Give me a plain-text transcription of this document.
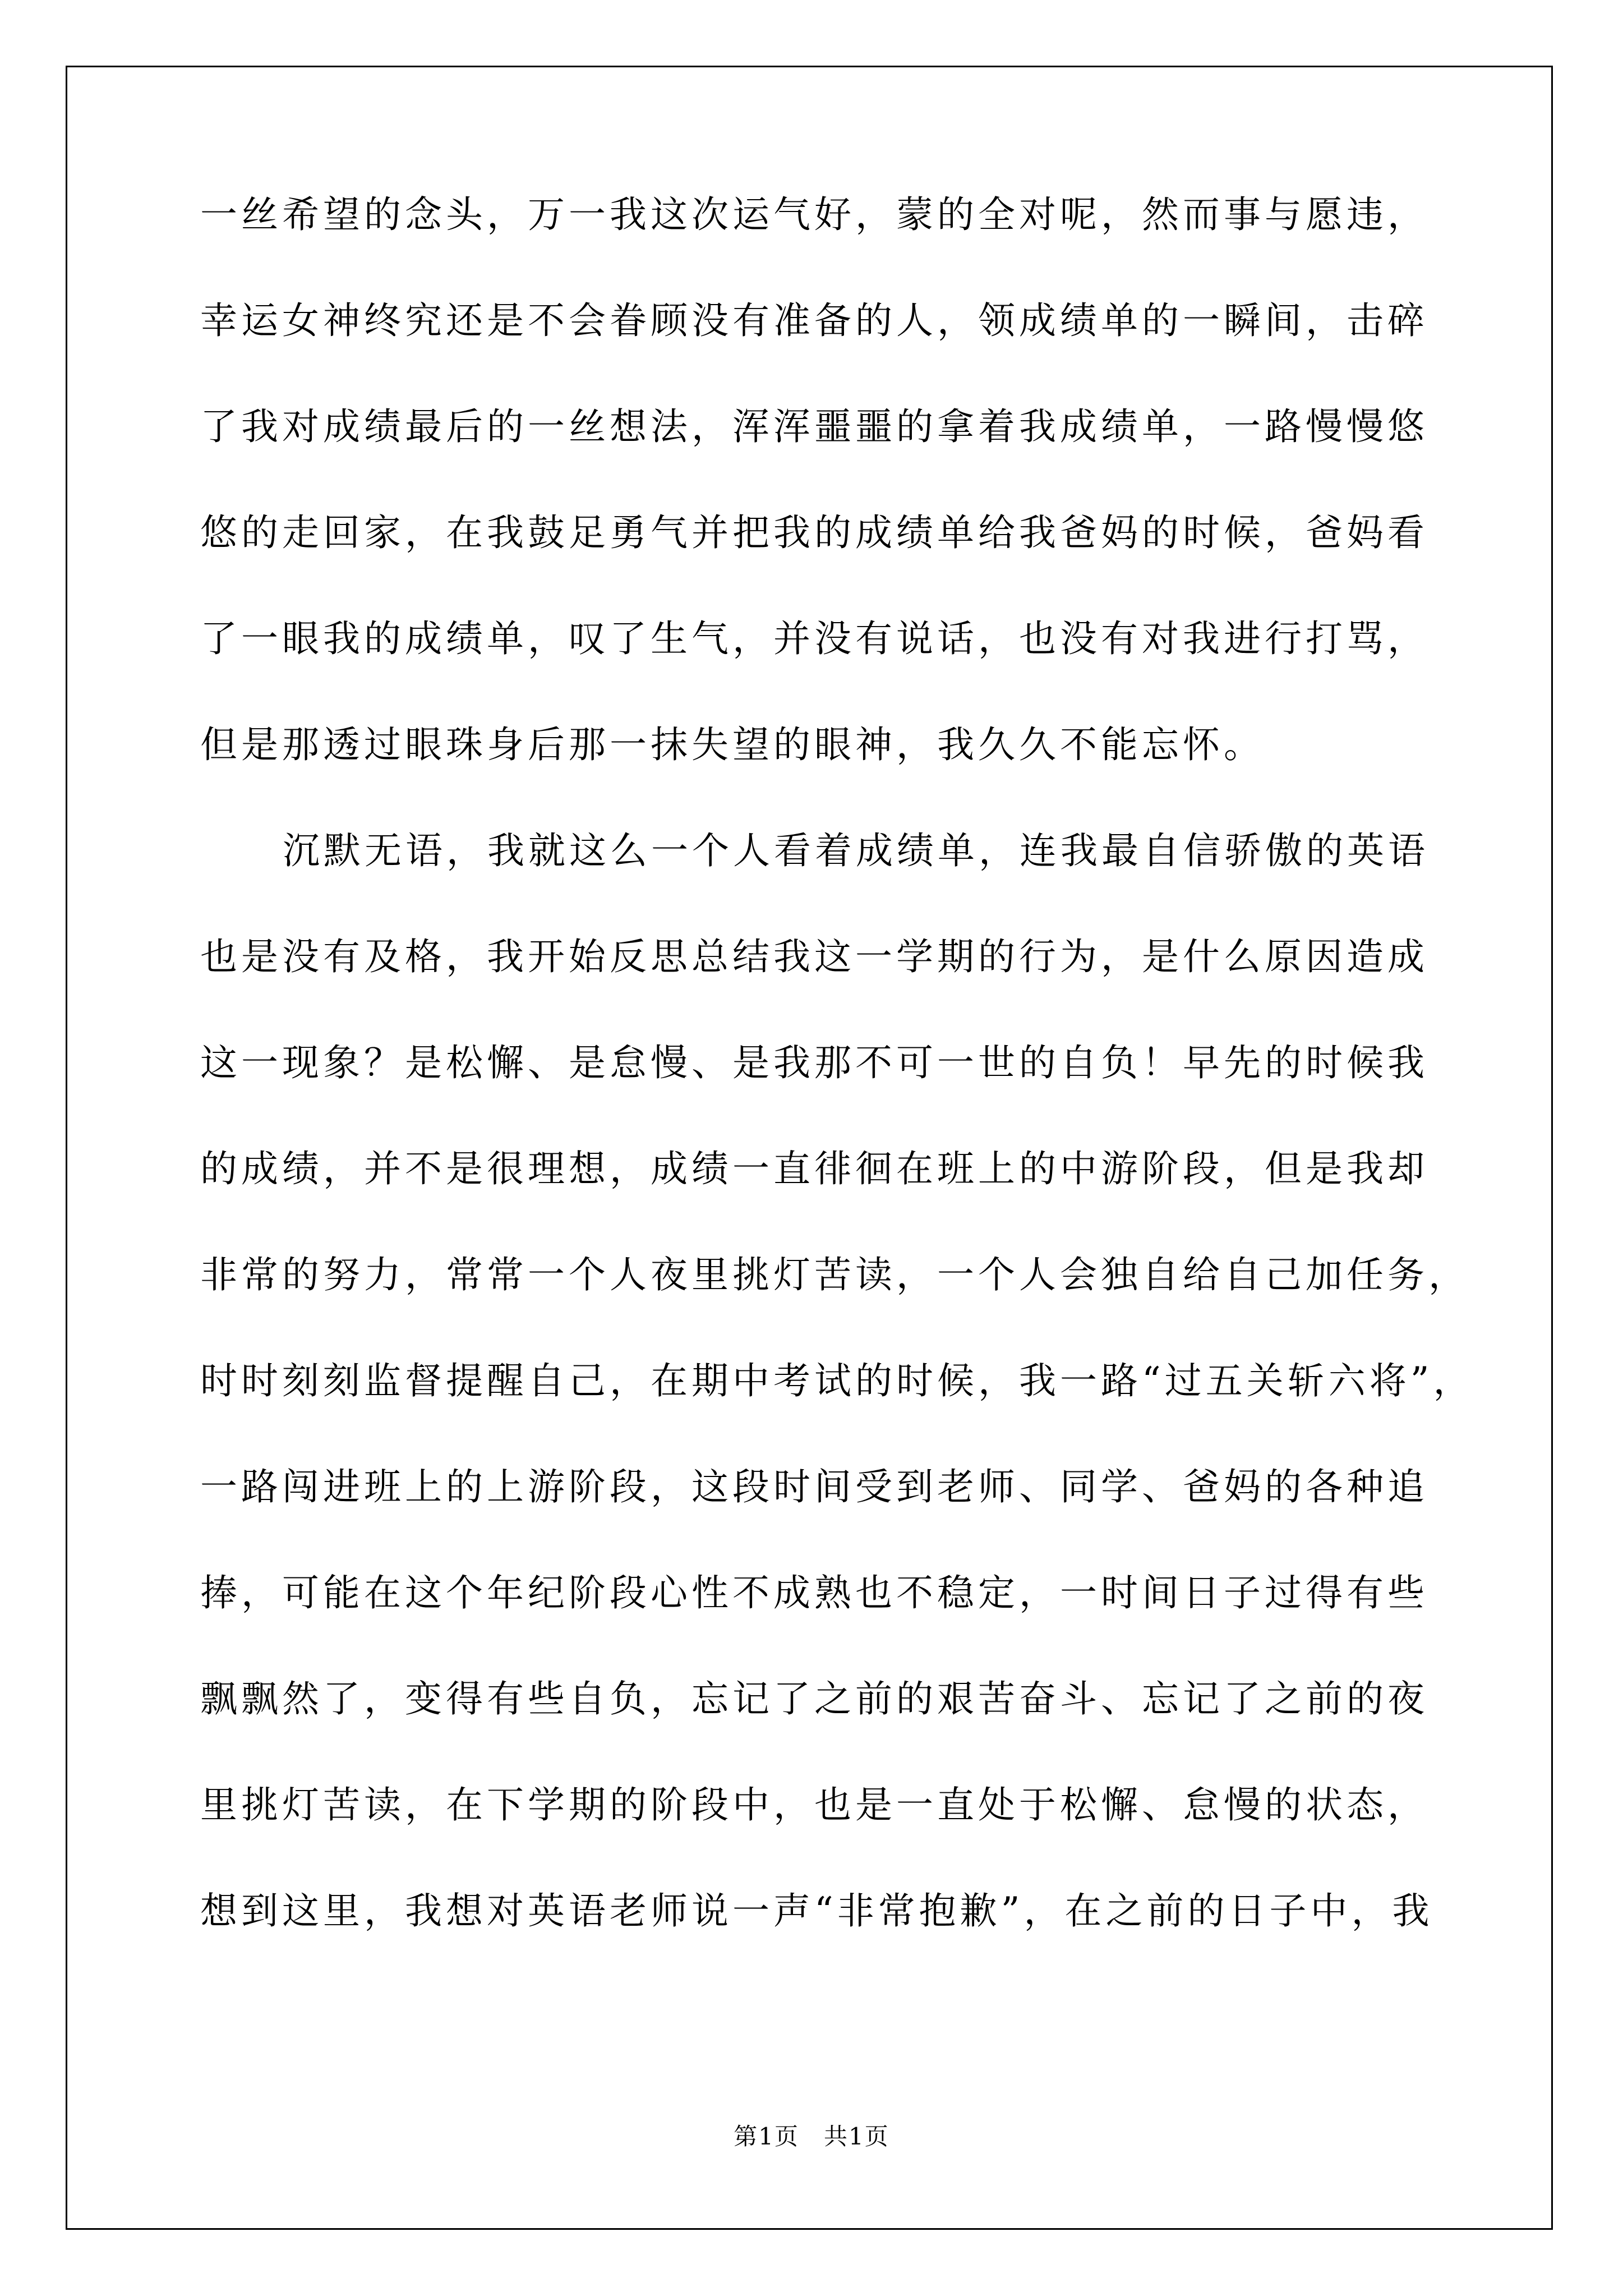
一丝希望的念头，万一我这次运气好，蒙的全对呢，然而事与愿违，
幸运女神终究还是不会眷顾没有准备的人，领成绩单的一瞬间，击碎
了我对成绩最后的一丝想法，浑浑噩噩的拿着我成绩单，一路慢慢悠
悠的走回家，在我鼓足勇气并把我的成绩单给我爸妈的时候，爸妈看
了一眼我的成绩单，叹了生气，并没有说话，也没有对我进行打骂，
但是那透过眼珠身后那一抹失望的眼神，我久久不能忘怀。
沉默无语，我就这么一个人看着成绩单，连我最自信骄傲的英语
也是没有及格，我开始反思总结我这一学期的行为，是什么原因造成
这一现象？是松懈、是怠慢、是我那不可一世的自负！早先的时候我
的成绩，并不是很理想，成绩一直徘徊在班上的中游阶段，但是我却
非常的努力，常常一个人夜里挑灯苦读，一个人会独自给自己加任务，
时时刻刻监督提醒自己，在期中考试的时候，我一路“过五关斩六将”，
一路闯进班上的上游阶段，这段时间受到老师、同学、爸妈的各种追
捧，可能在这个年纪阶段心性不成熟也不稳定，一时间日子过得有些
飘飘然了，变得有些自负，忘记了之前的艰苦奋斗、忘记了之前的夜
里挑灯苦读，在下学期的阶段中，也是一直处于松懈、怠慢的状态，
想到这里，我想对英语老师说一声“非常抱歉”，在之前的日子中，我
第1页　共1页
